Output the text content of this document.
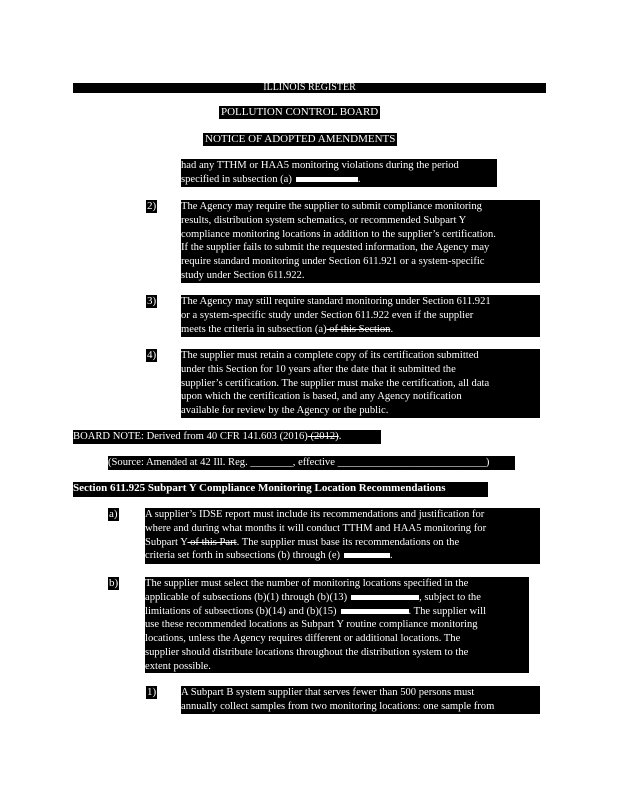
ILLINOIS REGISTER
POLLUTION CONTROL BOARD
NOTICE OF ADOPTED AMENDMENTS
had any TTHM or HAA5 monitoring violations during the period
specified in subsection (a)	.
2) The Agency may require the supplier to submit compliance monitoring
results, distribution system schematics, or recommended Subpart Y
compliance monitoring locations in addition to the supplier’s certification.
If the supplier fails to submit the requested information, the Agency may
require standard monitoring under Section 611.921 or a system-specific
study under Section 611.922.
3) The Agency may still require standard monitoring under Section 611.921
or a system-specific study under Section 611.922 even if the supplier
meets the criteria in subsection (a) of this Section.
4) The supplier must retain a complete copy of its certification submitted
under this Section for 10 years after the date that it submitted the
supplier’s certification. The supplier must make the certification, all data
upon which the certification is based, and any Agency notification
available for review by the Agency or the public.
BOARD NOTE: Derived from 40 CFR 141.603 (2016) (2012).
(Source: Amended at 42 Ill. Reg. ________, effective ____________________________)
Section 611.925 Subpart Y Compliance Monitoring Location Recommendations
a)	A supplier’s IDSE report must include its recommendations and justification for
where and during what months it will conduct TTHM and HAA5 monitoring for
Subpart Y of this Part. The supplier must base its recommendations on the
criteria set forth in subsections (b) through (e)	.
b)	The supplier must select the number of monitoring locations specified in the
applicable of subsections (b)(1) through (b)(13)	, subject to the
limitations of subsections (b)(14) and (b)(15)	. The supplier will
use these recommended locations as Subpart Y routine compliance monitoring
locations, unless the Agency requires different or additional locations. The
supplier should distribute locations throughout the distribution system to the
extent possible.
1) A Subpart B system supplier that serves fewer than 500 persons must
annually collect samples from two monitoring locations: one sample from
